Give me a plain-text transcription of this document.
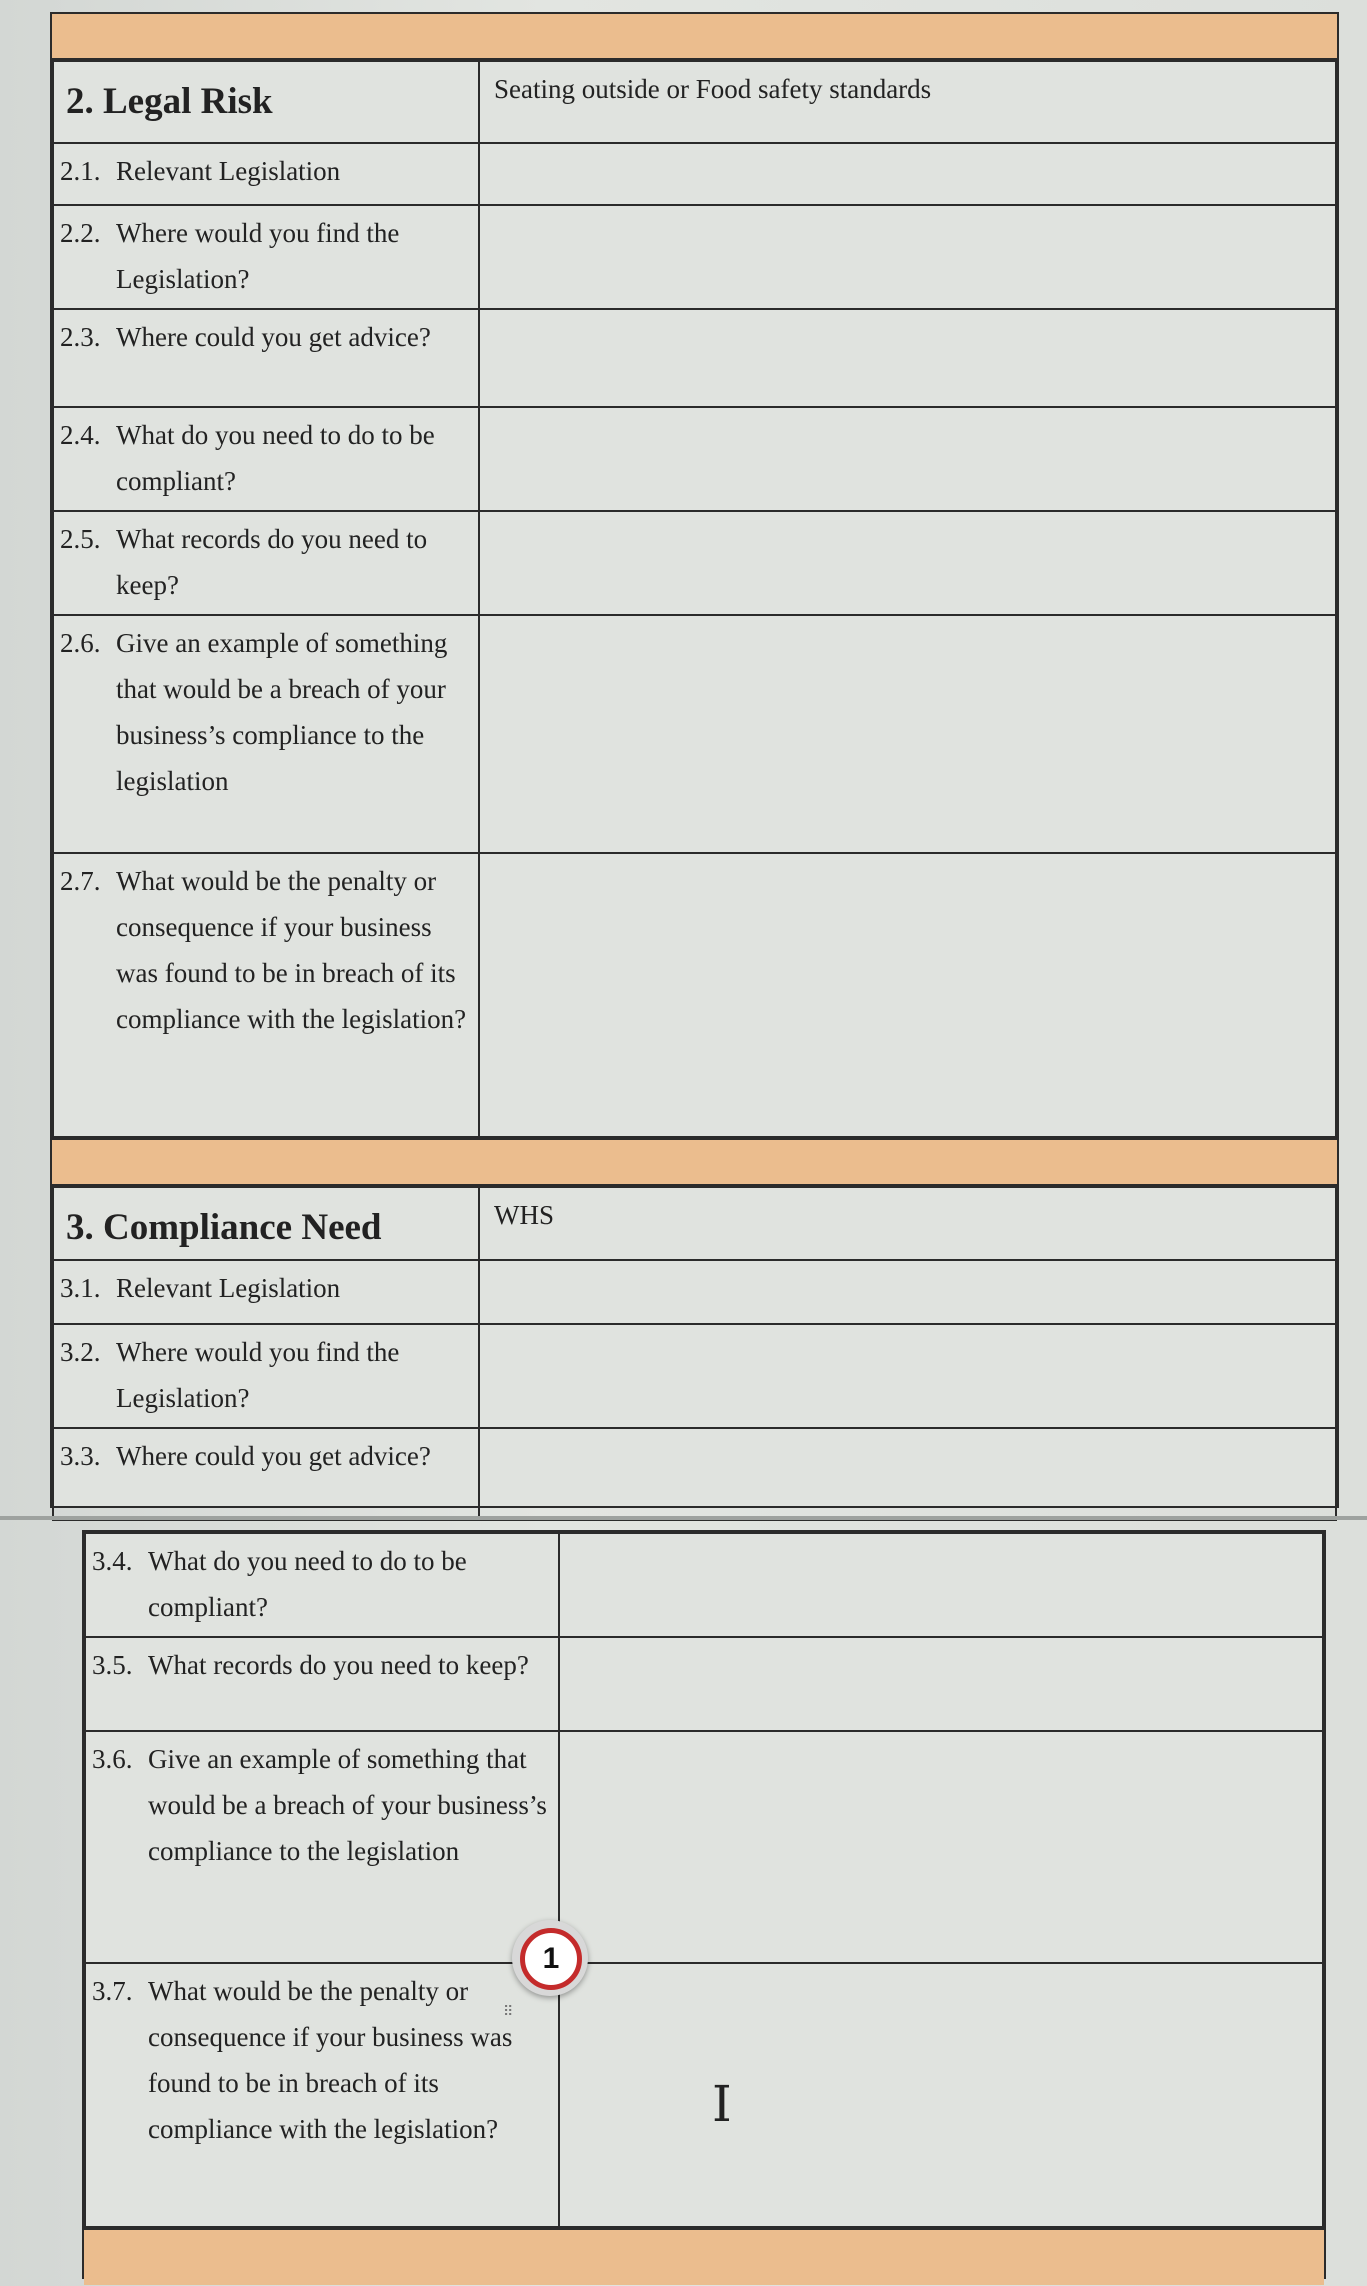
2. Legal Risk	Seating outside or Food safety standards
2.1. Relevant Legislation	
2.2. Where would you find the Legislation?	
2.3. Where could you get advice?	
2.4. What do you need to do to be compliant?	
2.5. What records do you need to keep?	
2.6. Give an example of something that would be a breach of your business’s compliance to the legislation	
2.7. What would be the penalty or consequence if your business was found to be in breach of its compliance with the legislation?	
3. Compliance Need	WHS
3.1. Relevant Legislation	
3.2. Where would you find the Legislation?	
3.3. Where could you get advice?	
3.4. What do you need to do to be compliant?	
3.5. What records do you need to keep?	
3.6. Give an example of something that would be a breach of your business’s compliance to the legislation	
3.7. What would be the penalty or consequence if your business was found to be in breach of its compliance with the legislation?	
1
⠿
I
